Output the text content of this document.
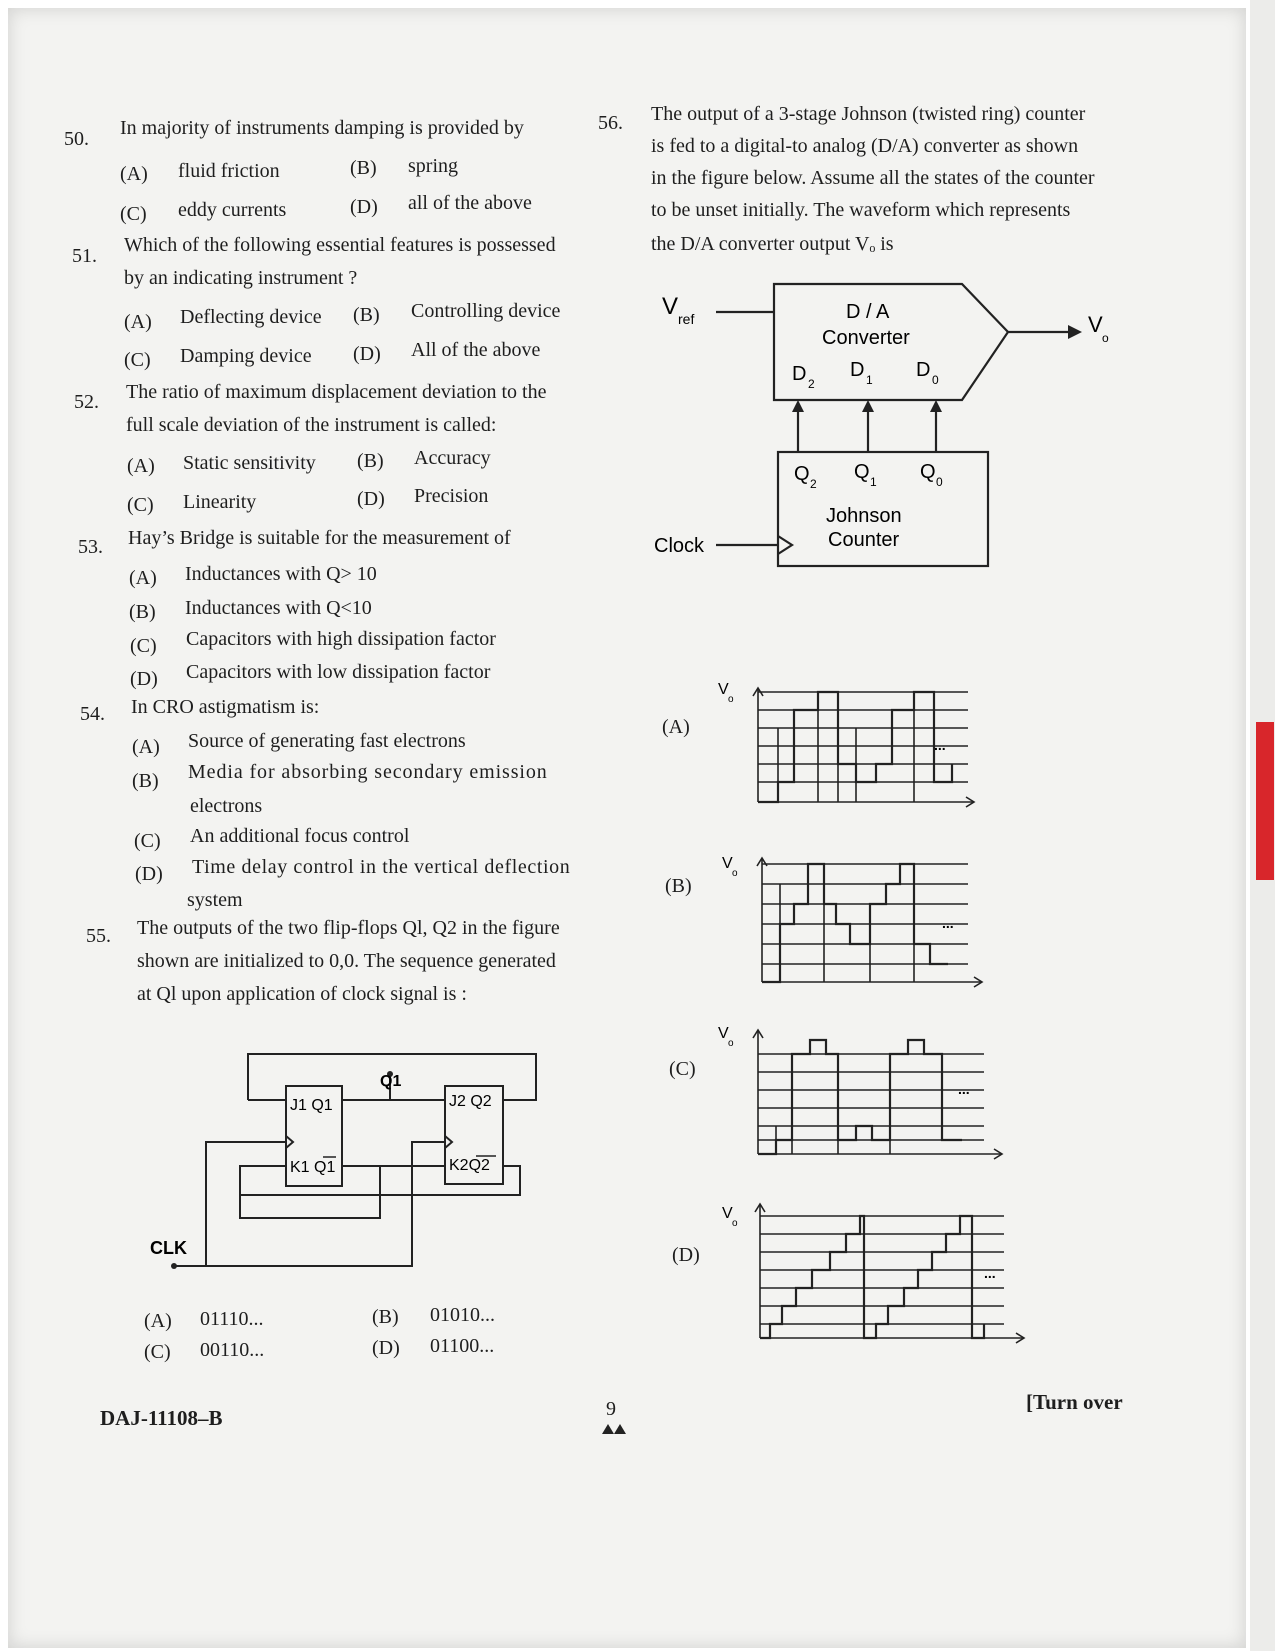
50. In majority of instruments damping is provided by
(A) fluid friction	(B) spring
(C) eddy currents	(D) all of the above
51. Which of the following essential features is possessed
by an indicating instrument ?
(A) Deflecting device (B) Controlling device
(C) Damping device (D) All of the above
52. The ratio of maximum displacement deviation to the
full scale deviation of the instrument is called:
(A) Static sensitivity (B) Accuracy
(C) Linearity	(D) Precision
53. Hay’s Bridge is suitable for the measurement of
(A) Inductances with Q> 10
(B) Inductances with Q<10
(C) Capacitors with high dissipation factor
(D) Capacitors with low dissipation factor
54. In CRO astigmatism is:
(A) Source of generating fast electrons
(B) Media for absorbing secondary emission
electrons
(C) An additional focus control
(D) Time delay control in the vertical deflection
system
55. The outputs of the two flip-flops Ql, Q2 in the figure
shown are initialized to 0,0. The sequence generated
at Ql upon application of clock signal is :
J1 Q1
K1 Q1
J2 Q2
K2Q2
Q1
CLK
(A) 01110...	(B) 01010...
(C) 00110...	(D) 01100...
56. The output of a 3-stage Johnson (twisted ring) counter
is fed to a digital-to analog (D/A) converter as shown
in the figure below. Assume all the states of the counter
to be unset initially. The waveform which represents
the D/A converter output Vₒ is
V ref	D / A
Converter
D 2
D 1 D 0
V
o
Q 2
Q 1 Q 0
Johnson
Counter
Clock
(A)
(B)
(C)
(D)
V
o
...
V
o
...
V
o
...
V
o
...
DAJ-11108–B	9	[Turn over
